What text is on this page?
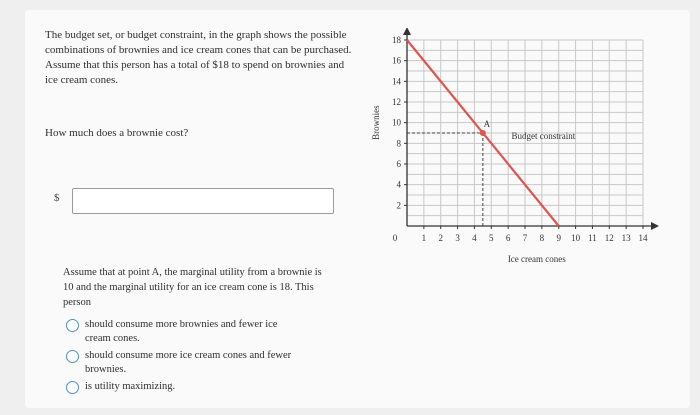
The budget set, or budget constraint, in the graph shows the possible combinations of brownies and ice cream cones that can be purchased. Assume that this person has a total of $18 to spend on brownies and ice cream cones.
How much does a brownie cost?
$
Assume that at point A, the marginal utility from a brownie is 10 and the marginal utility for an ice cream cone is 18. This person
should consume more brownies and fewer ice cream cones.
should consume more ice cream cones and fewer brownies.
is utility maximizing.
1 2 3 4 5 6 7 8 9 10 11 12 13 14
2
4
6
8
10
12
14
16
18
Brownies
Ice cream cones
0
Budget constraint
A
